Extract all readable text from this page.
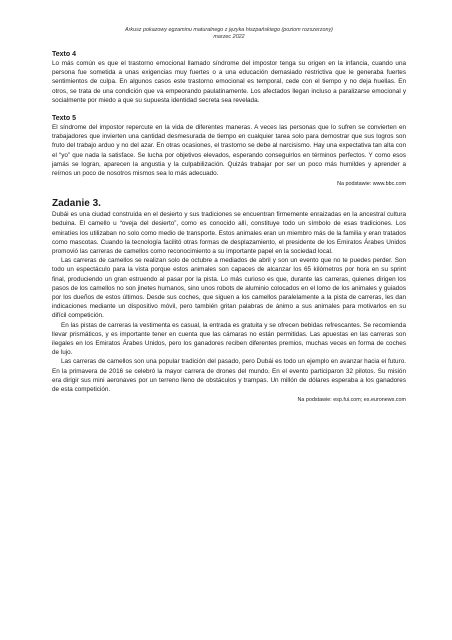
Arkusz pokazowy egzaminu maturalnego z języka hiszpańskiego (poziom rozszerzony)
marzec 2022
Texto 4

Lo más común es que el trastorno emocional llamado síndrome del impostor tenga su origen en la infancia, cuando una persona fue sometida a unas exigencias muy fuertes o a una educación demasiado restrictiva que le generaba fuertes sentimientos de culpa. En algunos casos este trastorno emocional es temporal, cede con el tiempo y no deja huellas. En otros, se trata de una condición que va empeorando paulatinamente. Los afectados llegan incluso a paralizarse emocional y socialmente por miedo a que su supuesta identidad secreta sea revelada.

Texto 5

El síndrome del impostor repercute en la vida de diferentes maneras. A veces las personas que lo sufren se convierten en trabajadores que invierten una cantidad desmesurada de tiempo en cualquier tarea solo para demostrar que sus logros son fruto del trabajo arduo y no del azar. En otras ocasiones, el trastorno se debe al narcisismo. Hay una expectativa tan alta con el “yo” que nada la satisface. Se lucha por objetivos elevados, esperando conseguirlos en términos perfectos. Y como esos jamás se logran, aparecen la angustia y la culpabilización. Quizás trabajar por ser un poco más humildes y aprender a reírnos un poco de nosotros mismos sea lo más adecuado.

Na podstawie: www.bbc.com
Zadanie 3.

Dubái es una ciudad construida en el desierto y sus tradiciones se encuentran firmemente enraizadas en la ancestral cultura beduina. El camello u “oveja del desierto”, como es conocido allí, constituye todo un símbolo de esas tradiciones. Los emiratíes los utilizaban no solo como medio de transporte. Estos animales eran un miembro más de la familia y eran tratados como mascotas. Cuando la tecnología facilitó otras formas de desplazamiento, el presidente de los Emiratos Árabes Unidos promovió las carreras de camellos como reconocimiento a su importante papel en la sociedad local.

Las carreras de camellos se realizan solo de octubre a mediados de abril y son un evento que no te puedes perder. Son todo un espectáculo para la vista porque estos animales son capaces de alcanzar los 65 kilómetros por hora en su sprint final, produciendo un gran estruendo al pasar por la pista. Lo más curioso es que, durante las carreras, quienes dirigen los pasos de los camellos no son jinetes humanos, sino unos robots de aluminio colocados en el lomo de los animales y guiados por los dueños de estos últimos. Desde sus coches, que siguen a los camellos paralelamente a la pista de carreras, les dan indicaciones mediante un dispositivo móvil, pero también gritan palabras de ánimo a sus animales para motivarlos en su difícil competición.

En las pistas de carreras la vestimenta es casual, la entrada es gratuita y se ofrecen bebidas refrescantes. Se recomienda llevar prismáticos, y es importante tener en cuenta que las cámaras no están permitidas. Las apuestas en las carreras son ilegales en los Emiratos Árabes Unidos, pero los ganadores reciben diferentes premios, muchas veces en forma de coches de lujo.

Las carreras de camellos son una popular tradición del pasado, pero Dubái es todo un ejemplo en avanzar hacia el futuro. En la primavera de 2016 se celebró la mayor carrera de drones del mundo. En el evento participaron 32 pilotos. Su misión era dirigir sus mini aeronaves por un terreno lleno de obstáculos y trampas. Un millón de dólares esperaba a los ganadores de esta competición.

Na podstawie: esp.fui.com; es.euronews.com
